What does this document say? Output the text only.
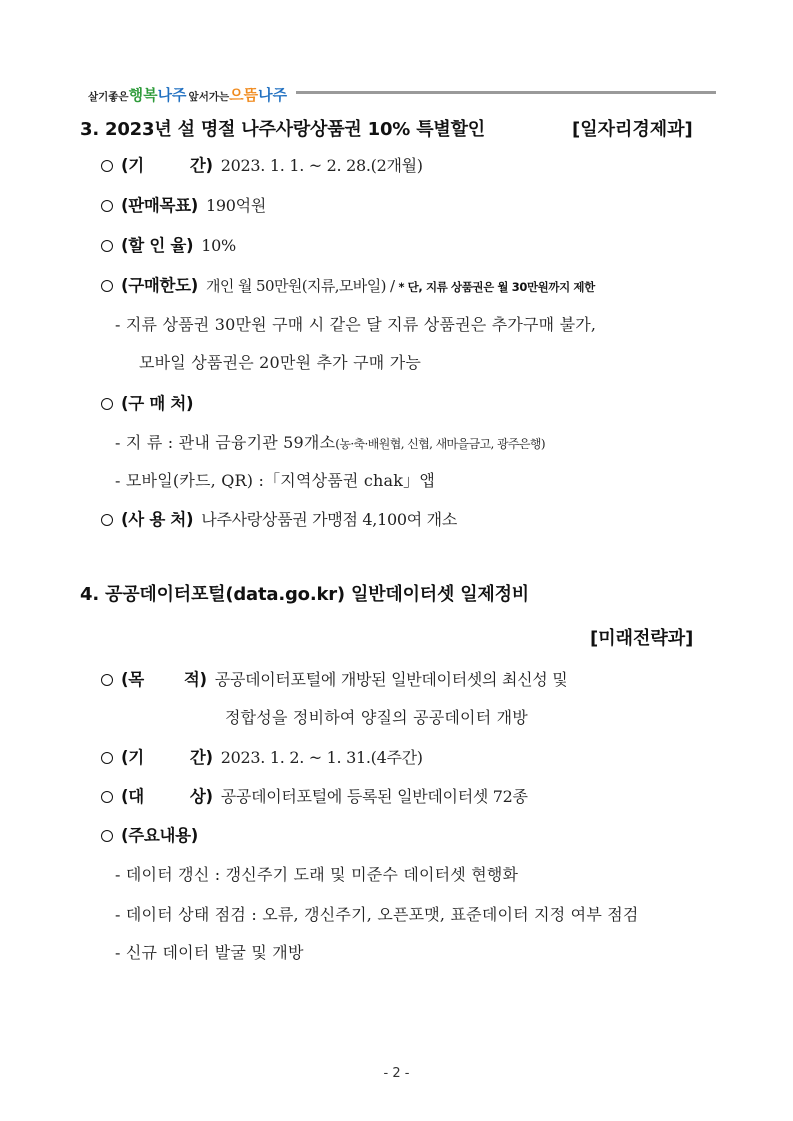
살기좋은 행복 나주 앞서가는 으뜸 나주
3. 2023년 설 명절 나주사랑상품권 10% 특별할인	[일자리경제과]
(기	간) 2023. 1. 1. ~ 2. 28.(2개월)
(판매목표) 190억원
(할 인 율) 10%
(구매한도) 개인 월 50만원(지류,모바일) / * 단, 지류 상품권은 월 30만원까지 제한
- 지류 상품권 30만원 구매 시 같은 달 지류 상품권은 추가구매 불가,
모바일 상품권은 20만원 추가 구매 가능
(구 매 처)
- 지 류 : 관내 금융기관 59개소(농·축·배원협, 신협, 새마을금고, 광주은행)
- 모바일(카드, QR) :「지역상품권 chak」앱
(사 용 처) 나주사랑상품권 가맹점 4,100여 개소
4. 공공데이터포털(data.go.kr) 일반데이터셋 일제정비
[미래전략과]
(목 적) 공공데이터포털에 개방된 일반데이터셋의 최신성 및
정합성을 정비하여 양질의 공공데이터 개방
(기	간) 2023. 1. 2. ~ 1. 31.(4주간)
(대	상) 공공데이터포털에 등록된 일반데이터셋 72종
(주요내용)
- 데이터 갱신 : 갱신주기 도래 및 미준수 데이터셋 현행화
- 데이터 상태 점검 : 오류, 갱신주기, 오픈포맷, 표준데이터 지정 여부 점검
- 신규 데이터 발굴 및 개방
- 2 -
